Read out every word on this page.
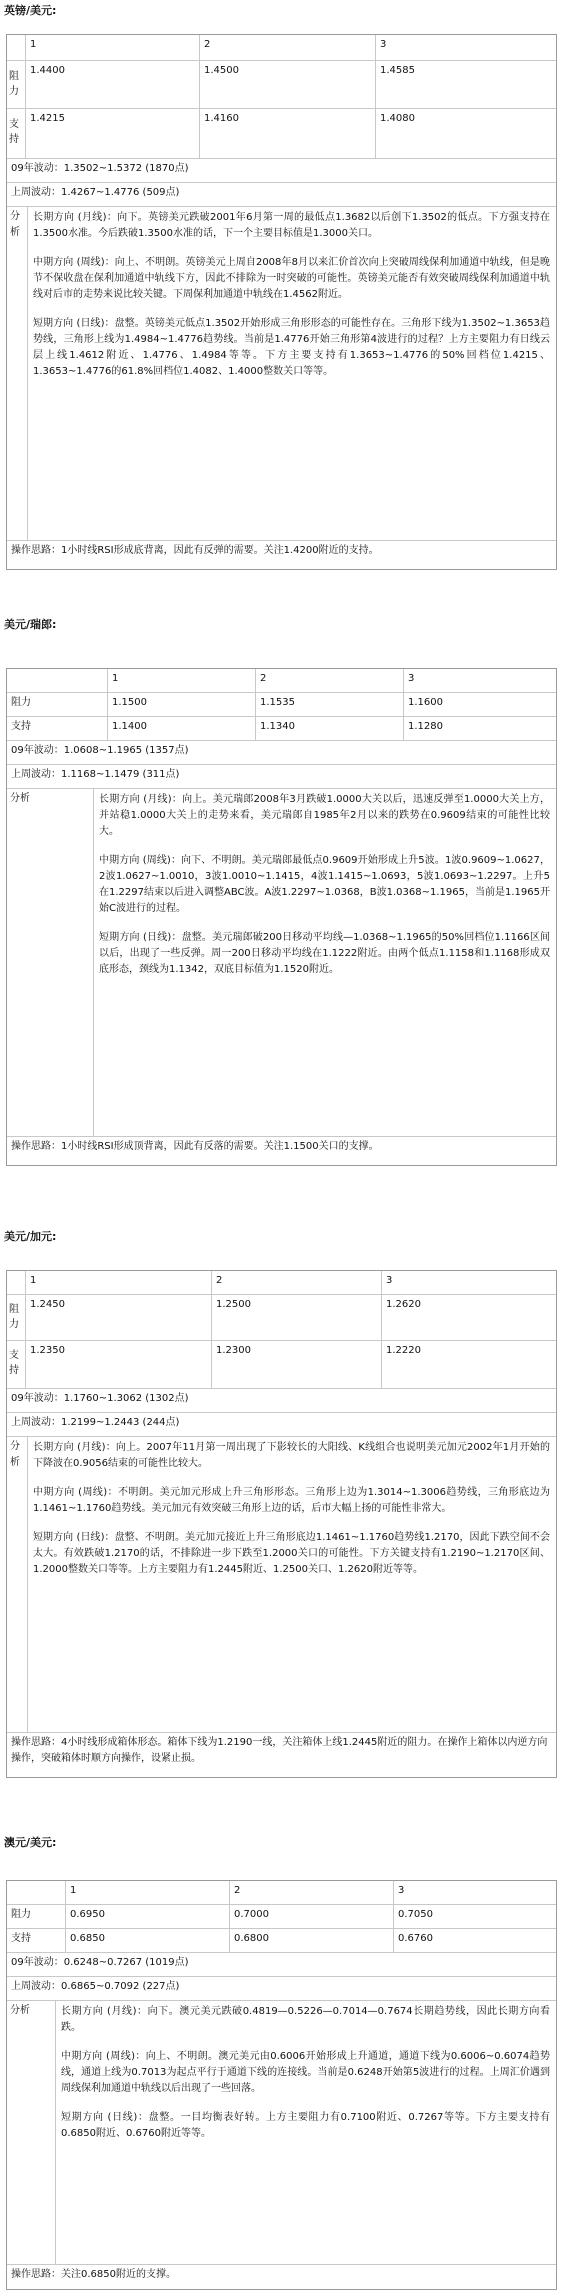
英镑/美元:
1	2	3
阻力
1.4400	1.4500	1.4585
支持
1.4215	1.4160	1.4080
09年波动：1.3502~1.5372 (1870点)
上周波动：1.4267~1.4776 (509点)
分析

长期方向 (月线)：向下。英镑美元跌破2001年6月第一周的最低点1.3682以后创下1.3502的低点。下方强支持在1.3500水准。今后跌破1.3500水准的话，下一个主要目标值是1.3000关口。

中期方向 (周线)：向上、不明朗。英镑美元上周自2008年8月以来汇价首次向上突破周线保利加通道中轨线，但是晚节不保收盘在保利加通道中轨线下方，因此不排除为一时突破的可能性。英镑美元能否有效突破周线保利加通道中轨线对后市的走势来说比较关键。下周保利加通道中轨线在1.4562附近。

短期方向 (日线)：盘整。英镑美元低点1.3502开始形成三角形形态的可能性存在。三角形下线为1.3502~1.3653趋势线，三角形上线为1.4984~1.4776趋势线。当前是1.4776开始三角形第4波进行的过程？上方主要阻力有日线云层上线1.4612附近、1.4776、1.4984等等。下方主要支持有1.3653~1.4776的50%回档位1.4215、1.3653~1.4776的61.8%回档位1.4082、1.4000整数关口等等。

操作思路：1小时线RSI形成底背离，因此有反弹的需要。关注1.4200附近的支持。
美元/瑞郎:
1	2	3
阻力	1.1500	1.1535	1.1600
支持	1.1400	1.1340	1.1280
09年波动：1.0608~1.1965 (1357点)
上周波动：1.1168~1.1479 (311点)
分析	长期方向 (月线)：向上。美元瑞郎2008年3月跌破1.0000大关以后，迅速反弹至1.0000大关上方，并站稳1.0000大关上的走势来看，美元瑞郎自1985年2月以来的跌势在0.9609结束的可能性比较大。

中期方向 (周线)：向下、不明朗。美元瑞郎最低点0.9609开始形成上升5波。1波0.9609~1.0627，2波1.0627~1.0010，3波1.0010~1.1415，4波1.1415~1.0693，5波1.0693~1.2297。上升5在1.2297结束以后进入调整ABC波。A波1.2297~1.0368，B波1.0368~1.1965，当前是1.1965开始C波进行的过程。

短期方向 (日线)：盘整。美元瑞郎破200日移动平均线—1.0368~1.1965的50%回档位1.1166区间以后，出现了一些反弹。周一200日移动平均线在1.1222附近。由两个低点1.1158和1.1168形成双底形态，颈线为1.1342，双底目标值为1.1520附近。

操作思路：1小时线RSI形成顶背离，因此有反落的需要。关注1.1500关口的支撑。
美元/加元:
1	2	3
阻力
1.2450	1.2500	1.2620
支持
1.2350	1.2300	1.2220
09年波动：1.1760~1.3062 (1302点)
上周波动：1.2199~1.2443 (244点)
分析

长期方向 (月线)：向上。2007年11月第一周出现了下影较长的大阳线、K线组合也说明美元加元2002年1月开始的下降波在0.9056结束的可能性比较大。

中期方向 (周线)：不明朗。美元加元形成上升三角形形态。三角形上边为1.3014~1.3006趋势线，三角形底边为1.1461~1.1760趋势线。美元加元有效突破三角形上边的话，后市大幅上扬的可能性非常大。

短期方向 (日线)：盘整、不明朗。美元加元接近上升三角形底边1.1461~1.1760趋势线1.2170，因此下跌空间不会太大。有效跌破1.2170的话，不排除进一步下跌至1.2000关口的可能性。下方关键支持有1.2190~1.2170区间、1.2000整数关口等等。上方主要阻力有1.2445附近、1.2500关口、1.2620附近等等。

操作思路：4小时线形成箱体形态。箱体下线为1.2190一线，关注箱体上线1.2445附近的阻力。在操作上箱体以内逆方向操作，突破箱体时顺方向操作，设紧止损。
澳元/美元:
1	2	3
阻力	0.6950	0.7000	0.7050
支持	0.6850	0.6800	0.6760
09年波动：0.6248~0.7267 (1019点)
上周波动：0.6865~0.7092 (227点)
分析	长期方向 (月线)：向下。澳元美元跌破0.4819—0.5226—0.7014—0.7674长期趋势线，因此长期方向看跌。

中期方向 (周线)：向上、不明朗。澳元美元由0.6006开始形成上升通道，通道下线为0.6006~0.6074趋势线，通道上线为0.7013为起点平行于通道下线的连接线。当前是0.6248开始第5波进行的过程。上周汇价遇到周线保利加通道中轨线以后出现了一些回落。

短期方向 (日线)：盘整。一目均衡表好转。上方主要阻力有0.7100附近、0.7267等等。下方主要支持有0.6850附近、0.6760附近等等。

操作思路：关注0.6850附近的支撑。
